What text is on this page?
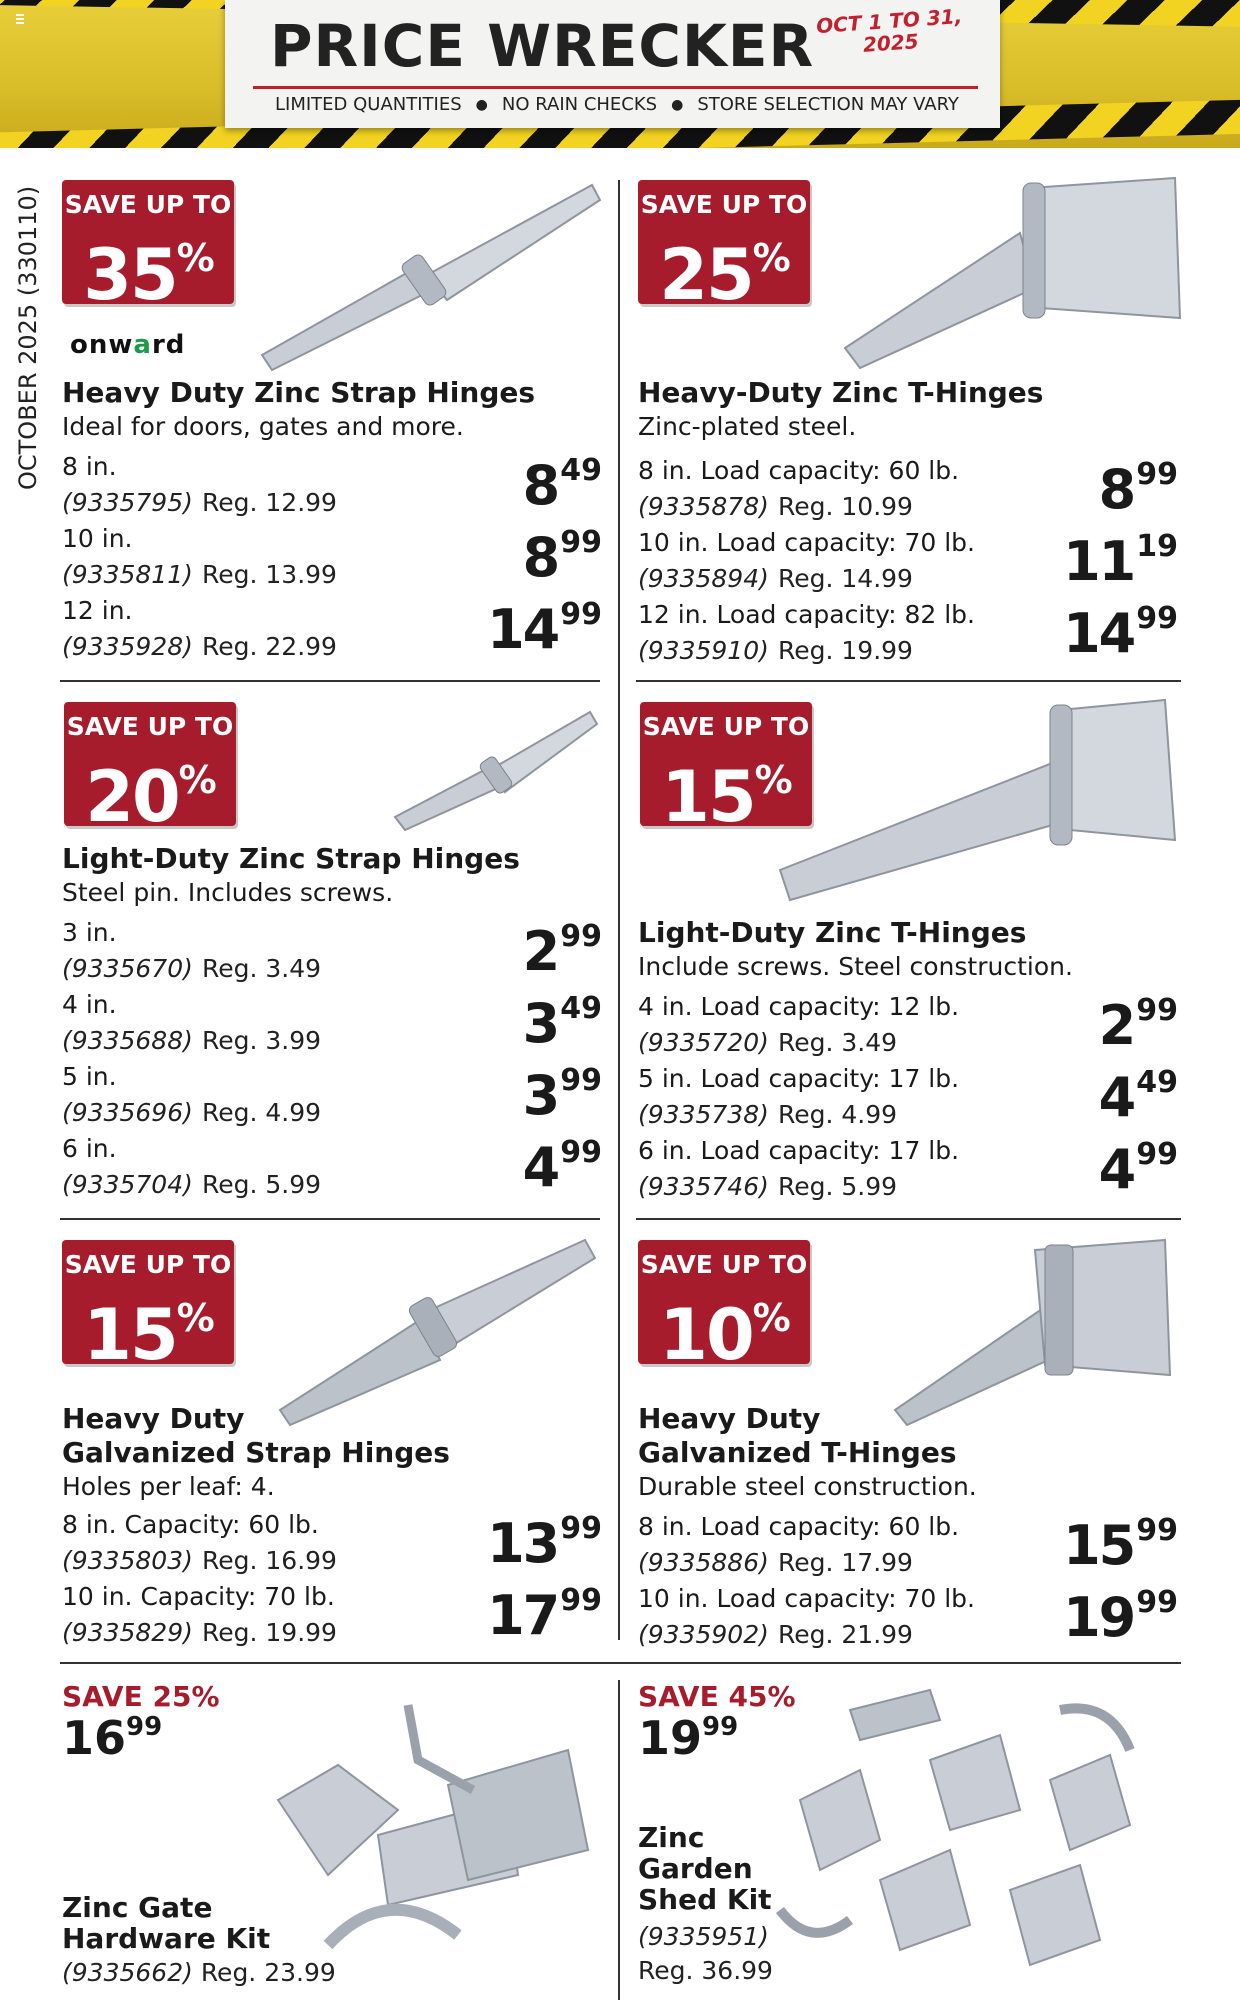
PRICE WRECKER OCT 1 TO 31,
2025
LIMITED QUANTITIES ● NO RAIN CHECKS ● STORE SELECTION MAY VARY
OCTOBER 2025 (330110) SAVE UP TO
35%
onward
Heavy Duty Zinc Strap Hinges
Ideal for doors, gates and more.
8 in.
(9335795) Reg. 12.99	8 49
10 in.
(9335811) Reg. 13.99	8 99
12 in.
(9335928) Reg. 22.99	14 99
SAVE UP TO
25%
Heavy-Duty Zinc T-Hinges
Zinc-plated steel.
8 in. Load capacity: 60 lb.
(9335878) Reg. 10.99	8 99
10 in. Load capacity: 70 lb.
(9335894) Reg. 14.99	11 19
12 in. Load capacity: 82 lb.
(9335910) Reg. 19.99	14 99
SAVE UP TO
20%
Light-Duty Zinc Strap Hinges
Steel pin. Includes screws.
3 in.
(9335670) Reg. 3.49	2 99
4 in.
(9335688) Reg. 3.99	3 49
5 in.
(9335696) Reg. 4.99	3 99
6 in.
(9335704) Reg. 5.99	4 99
SAVE UP TO
15%
Light-Duty Zinc T-Hinges
Include screws. Steel construction.
4 in. Load capacity: 12 lb.
(9335720) Reg. 3.49	2 99
5 in. Load capacity: 17 lb.
(9335738) Reg. 4.99	4 49
6 in. Load capacity: 17 lb.
(9335746) Reg. 5.99	4 99
SAVE UP TO
15%
Heavy Duty
Galvanized Strap Hinges
Holes per leaf: 4.
8 in. Capacity: 60 lb.
(9335803) Reg. 16.99	13 99
10 in. Capacity: 70 lb.
(9335829) Reg. 19.99	17 99
SAVE UP TO
10%
Heavy Duty
Galvanized T-Hinges
Durable steel construction.
8 in. Load capacity: 60 lb.
(9335886) Reg. 17.99	15 99
10 in. Load capacity: 70 lb.
(9335902) Reg. 21.99	19 99
SAVE 25%
16 99
Zinc Gate
Hardware Kit
(9335662) Reg. 23.99
SAVE 45%
19 99
Zinc
Garden
Shed Kit
(9335951)
Reg. 36.99
